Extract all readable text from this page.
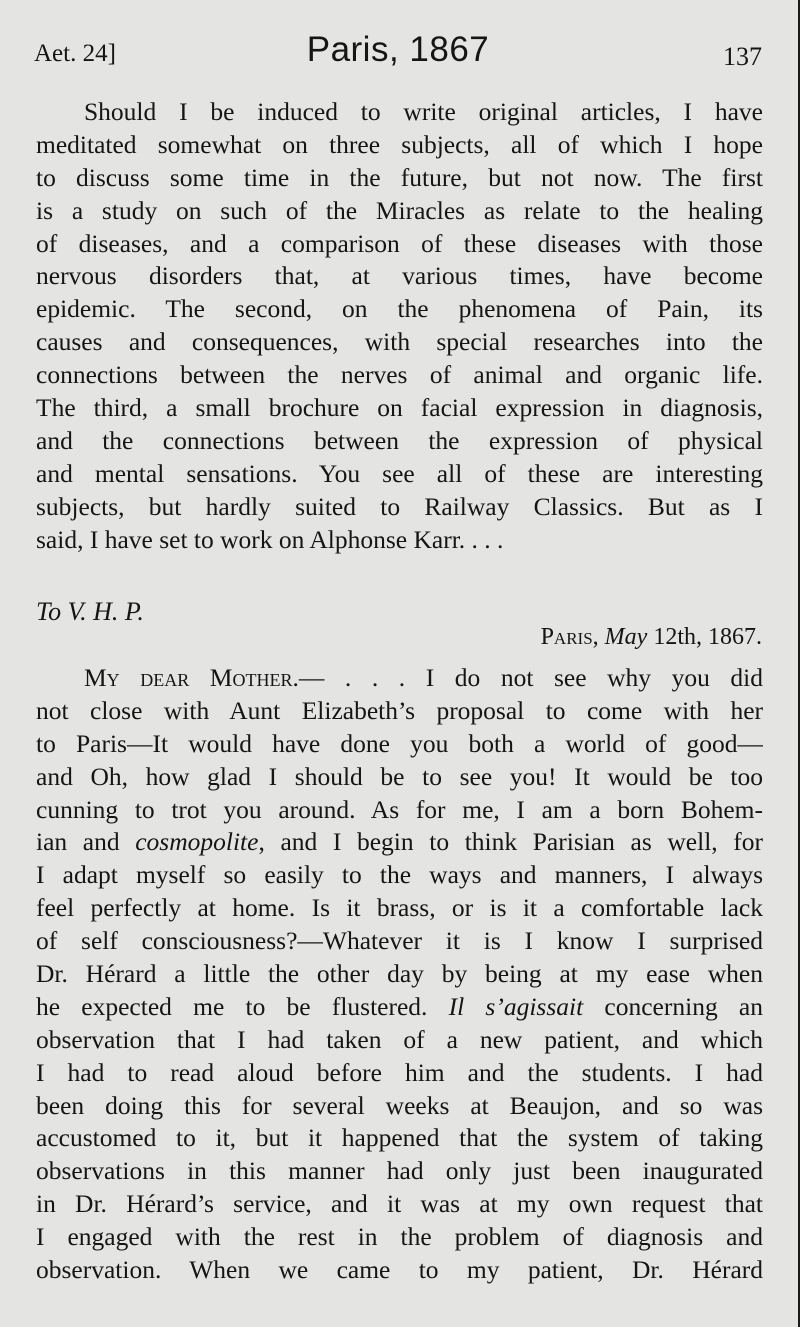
Aet. 24]	Paris, 1867	137
Should I be induced to write original articles, I have
meditated somewhat on three subjects, all of which I hope
to discuss some time in the future, but not now. The first
is a study on such of the Miracles as relate to the healing
of diseases, and a comparison of these diseases with those
nervous disorders that, at various times, have become
epidemic. The second, on the phenomena of Pain, its
causes and consequences, with special researches into the
connections between the nerves of animal and organic life.
The third, a small brochure on facial expression in diagnosis,
and the connections between the expression of physical
and mental sensations. You see all of these are interesting
subjects, but hardly suited to Railway Classics. But as I
said, I have set to work on Alphonse Karr. . . .
To V. H. P.
Paris, May 12th, 1867.
My dear Mother.— . . . I do not see why you did
not close with Aunt Elizabeth’s proposal to come with her
to Paris—It would have done you both a world of good—
and Oh, how glad I should be to see you! It would be too
cunning to trot you around. As for me, I am a born Bohem-
ian and cosmopolite, and I begin to think Parisian as well, for
I adapt myself so easily to the ways and manners, I always
feel perfectly at home. Is it brass, or is it a comfortable lack
of self consciousness?—Whatever it is I know I surprised
Dr. Hérard a little the other day by being at my ease when
he expected me to be flustered. Il s’agissait concerning an
observation that I had taken of a new patient, and which
I had to read aloud before him and the students. I had
been doing this for several weeks at Beaujon, and so was
accustomed to it, but it happened that the system of taking
observations in this manner had only just been inaugurated
in Dr. Hérard’s service, and it was at my own request that
I engaged with the rest in the problem of diagnosis and
observation. When we came to my patient, Dr. Hérard
